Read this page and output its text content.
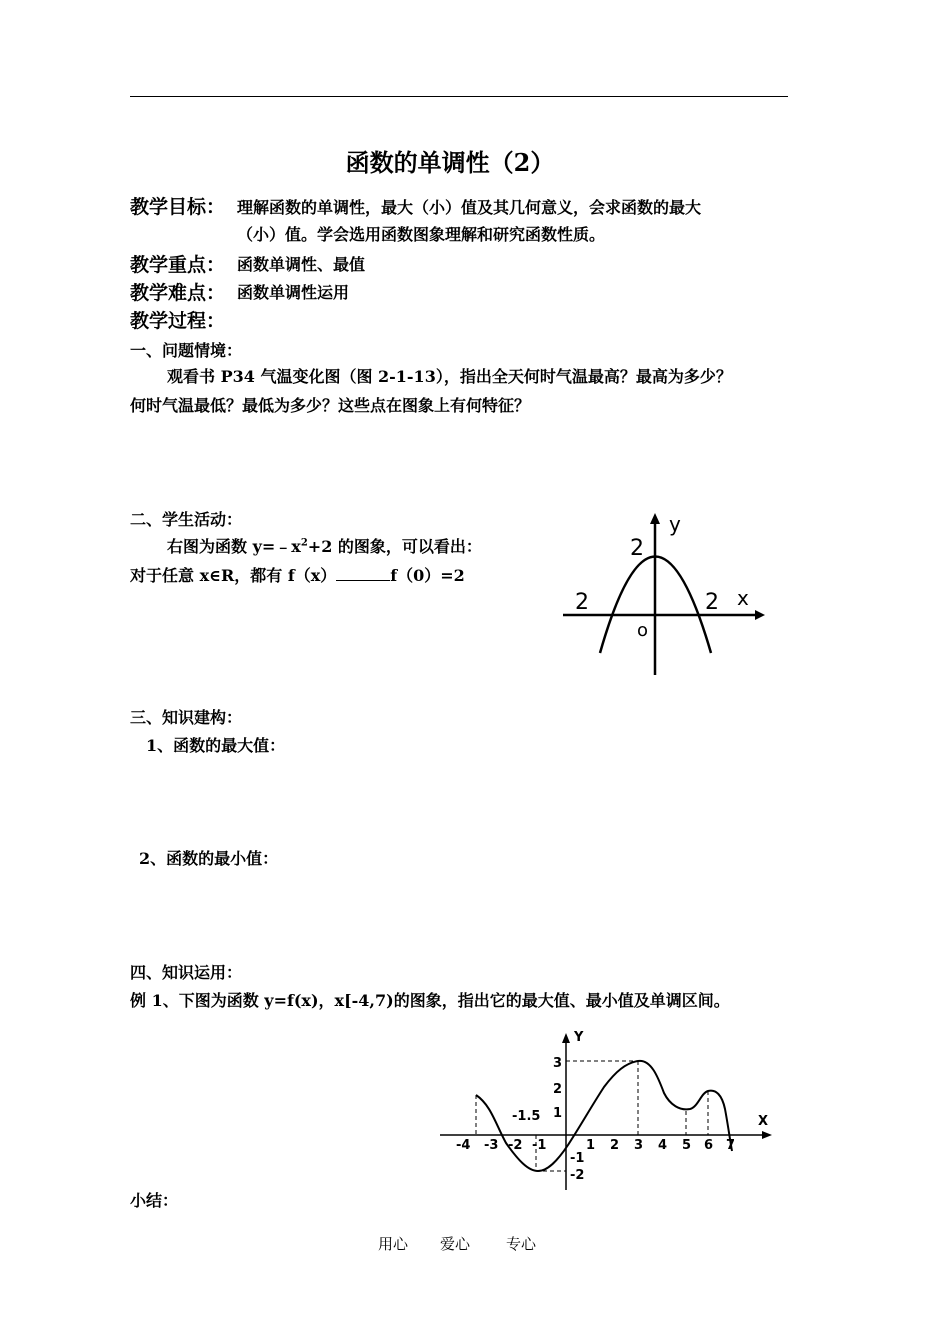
函数的单调性（2）
教学目标： 理解函数的单调性，最大（小）值及其几何意义，会求函数的最大
（小）值。学会选用函数图象理解和研究函数性质。
教学重点： 函数单调性、最值
教学难点： 函数单调性运用
教学过程：
一、问题情境：
观看书 P34 气温变化图（图 2-1-13），指出全天何时气温最高？最高为多少？
何时气温最低？最低为多少？这些点在图象上有何特征？
二、学生活动：
右图为函数 $y=﹣x^2+2$ 的图象，可以看出：
对于任意 x∈R，都有 f（x）	f（0）=2
y
x
2
2	2
o
三、知识建构：
1、函数的最大值：
2、函数的最小值：
四、知识运用：
例 1、下图为函数 y=f(x)，x[-4,7)的图象，指出它的最大值、最小值及单调区间。
-4 -3 -2 -1	1 2 3 4 5 6 7
1
2
3
-1
-2
-1.5
Y
X
小结：
用心 爱心 专心
